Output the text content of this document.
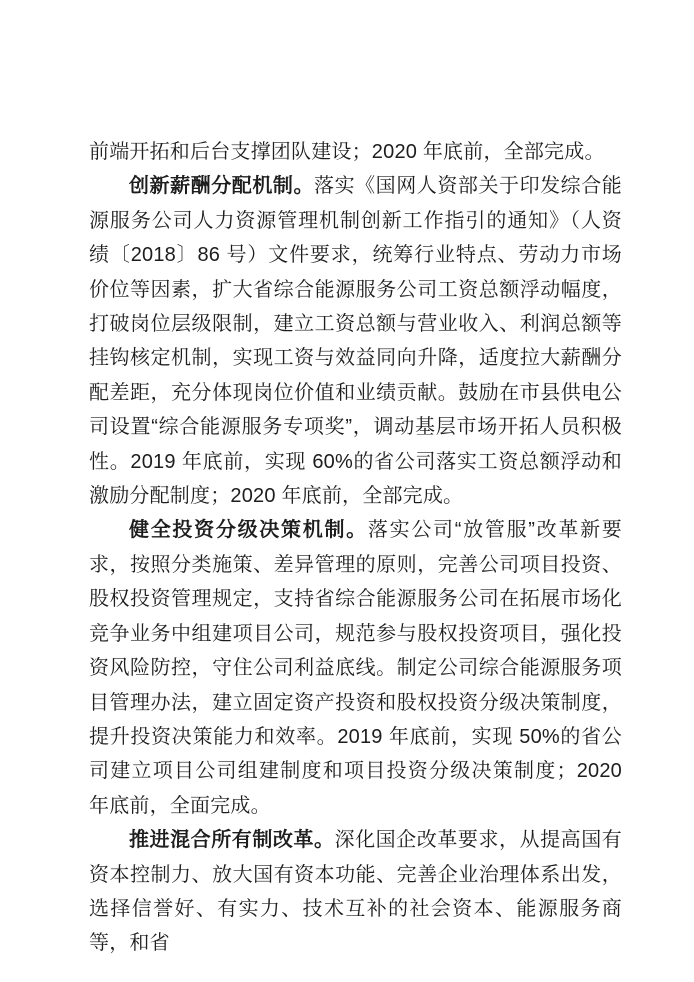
前端开拓和后台支撑团队建设；2020 年底前，全部完成。

创新薪酬分配机制。落实《国网人资部关于印发综合能源服务公司人力资源管理机制创新工作指引的通知》（人资绩〔2018〕86 号）文件要求，统筹行业特点、劳动力市场价位等因素，扩大省综合能源服务公司工资总额浮动幅度，打破岗位层级限制，建立工资总额与营业收入、利润总额等挂钩核定机制，实现工资与效益同向升降，适度拉大薪酬分配差距，充分体现岗位价值和业绩贡献。鼓励在市县供电公司设置“综合能源服务专项奖”，调动基层市场开拓人员积极性。2019 年底前，实现 60%的省公司落实工资总额浮动和激励分配制度；2020 年底前，全部完成。

健全投资分级决策机制。落实公司“放管服”改革新要求，按照分类施策、差异管理的原则，完善公司项目投资、股权投资管理规定，支持省综合能源服务公司在拓展市场化竞争业务中组建项目公司，规范参与股权投资项目，强化投资风险防控，守住公司利益底线。制定公司综合能源服务项目管理办法，建立固定资产投资和股权投资分级决策制度，提升投资决策能力和效率。2019 年底前，实现 50%的省公司建立项目公司组建制度和项目投资分级决策制度；2020 年底前，全面完成。

推进混合所有制改革。深化国企改革要求，从提高国有资本控制力、放大国有资本功能、完善企业治理体系出发，选择信誉好、有实力、技术互补的社会资本、能源服务商等，和省
